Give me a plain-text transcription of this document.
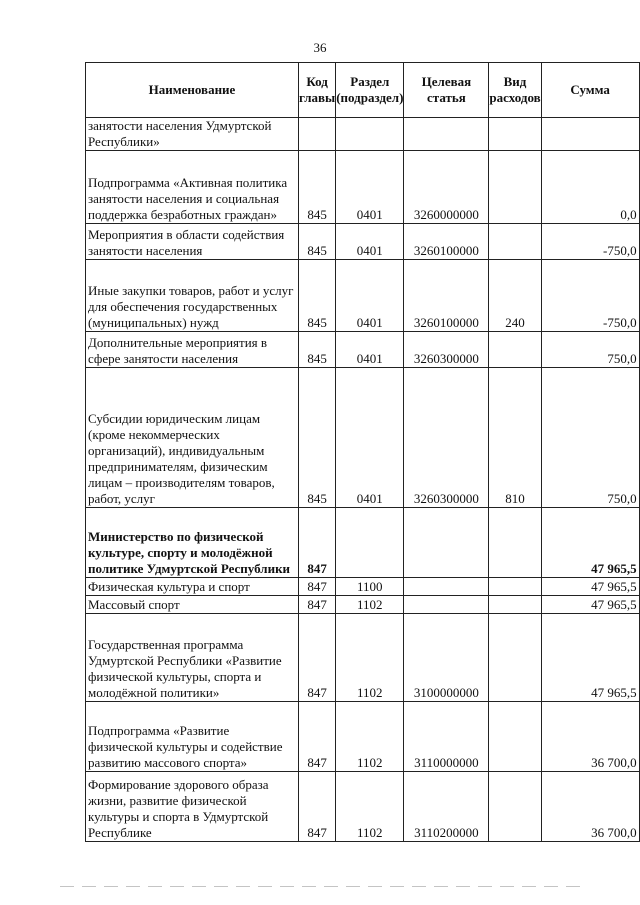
36
Наименование	Код главы	Раздел (подраздел)	Целевая статья	Вид расходов	Сумма
занятости населения Удмуртской Республики»					
Подпрограмма «Активная политика занятости населения и социальная поддержка безработных граждан»	845	0401	3260000000		0,0
Мероприятия в области содействия занятости населения	845	0401	3260100000		-750,0
Иные закупки товаров, работ и услуг для обеспечения государственных (муниципальных) нужд	845	0401	3260100000	240	-750,0
Дополнительные мероприятия в сфере занятости населения	845	0401	3260300000		750,0
Субсидии юридическим лицам (кроме некоммерческих организаций), индивидуальным предпринимателям, физическим лицам – производителям товаров, работ, услуг	845	0401	3260300000	810	750,0
Министерство по физической культуре, спорту и молодёжной политике Удмуртской Республики	847				47 965,5
Физическая культура и спорт	847	1100			47 965,5
Массовый спорт	847	1102			47 965,5
Государственная программа Удмуртской Республики «Развитие физической культуры, спорта и молодёжной политики»	847	1102	3100000000		47 965,5
Подпрограмма «Развитие физической культуры и содействие развитию массового спорта»	847	1102	3110000000		36 700,0
Формирование здорового образа жизни, развитие физической культуры и спорта в Удмуртской Республике	847	1102	3110200000		36 700,0
